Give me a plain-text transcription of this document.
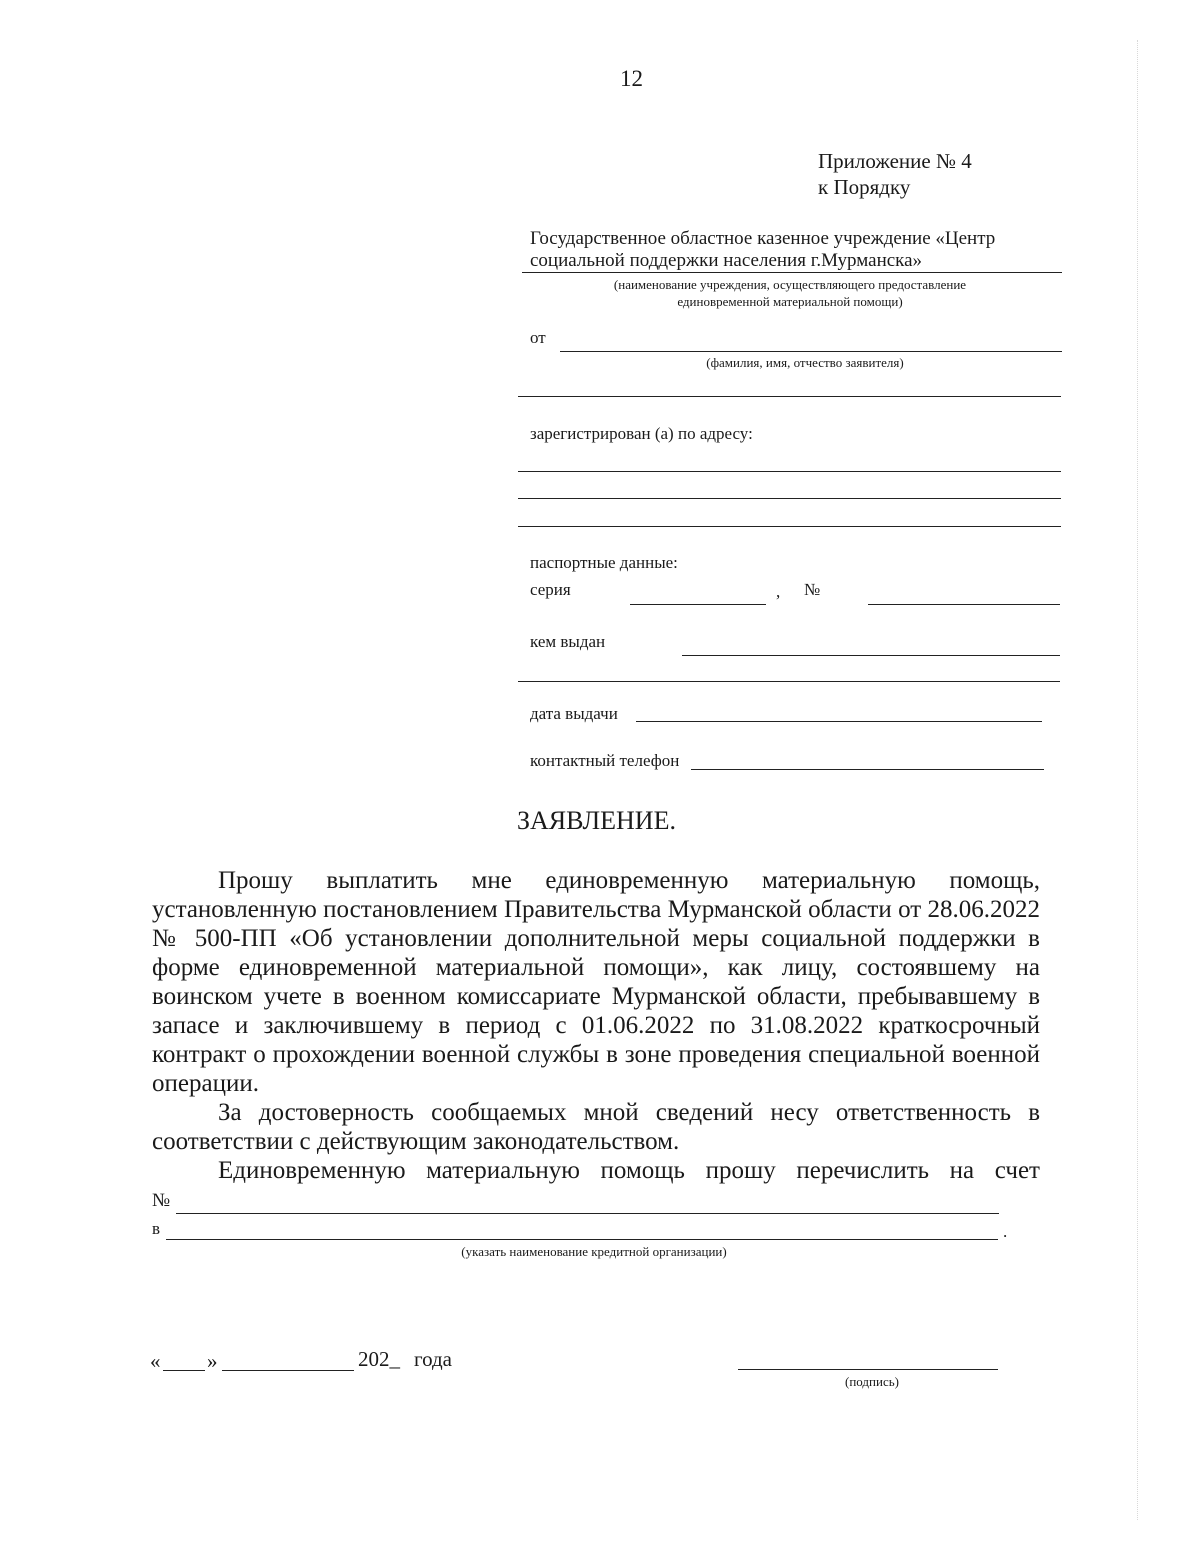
12
Приложение № 4
к Порядку
Государственное областное казенное учреждение «Центр
социальной поддержки населения г.Мурманска»
(наименование учреждения, осуществляющего предоставление
единовременной материальной помощи)
от
(фамилия, имя, отчество заявителя)
зарегистрирован (а) по адресу:
паспортные данные:
серия	, №
кем выдан
дата выдачи
контактный телефон
ЗАЯВЛЕНИЕ.

Прошу выплатить мне единовременную материальную помощь, установленную постановлением Правительства Мурманской области от 28.06.2022 № 500-ПП «Об установлении дополнительной меры социальной поддержки в форме единовременной материальной помощи», как лицу, состоявшему на воинском учете в военном комиссариате Мурманской области, пребывавшему в запасе и заключившему в период с 01.06.2022 по 31.08.2022 краткосрочный контракт о прохождении военной службы в зоне проведения специальной военной операции.

За достоверность сообщаемых мной сведений несу ответственность в соответствии с действующим законодательством.

Единовременную материальную помощь прошу перечислить на счет

№
в	.
(указать наименование кредитной организации)
« »	202_ года
(подпись)
